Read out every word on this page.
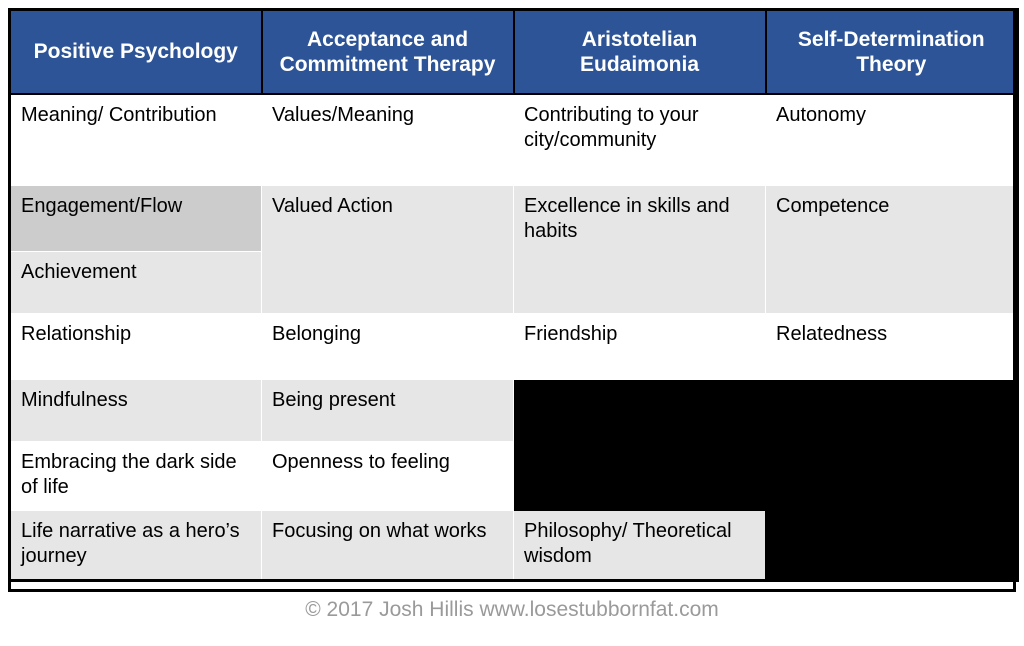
Positive Psychology	Acceptance and Commitment Therapy	Aristotelian Eudaimonia	Self-Determination Theory
Meaning/ Contribution	Values/Meaning	Contributing to your city/community	Autonomy
Engagement/Flow	Valued Action	Excellence in skills and habits	Competence
Achievement			
Relationship	Belonging	Friendship	Relatedness
Mindfulness	Being present		
Embracing the dark side of life	Openness to feeling		
Life narrative as a hero’s journey	Focusing on what works	Philosophy/ Theoretical wisdom	
© 2017 Josh Hillis www.losestubbornfat.com
